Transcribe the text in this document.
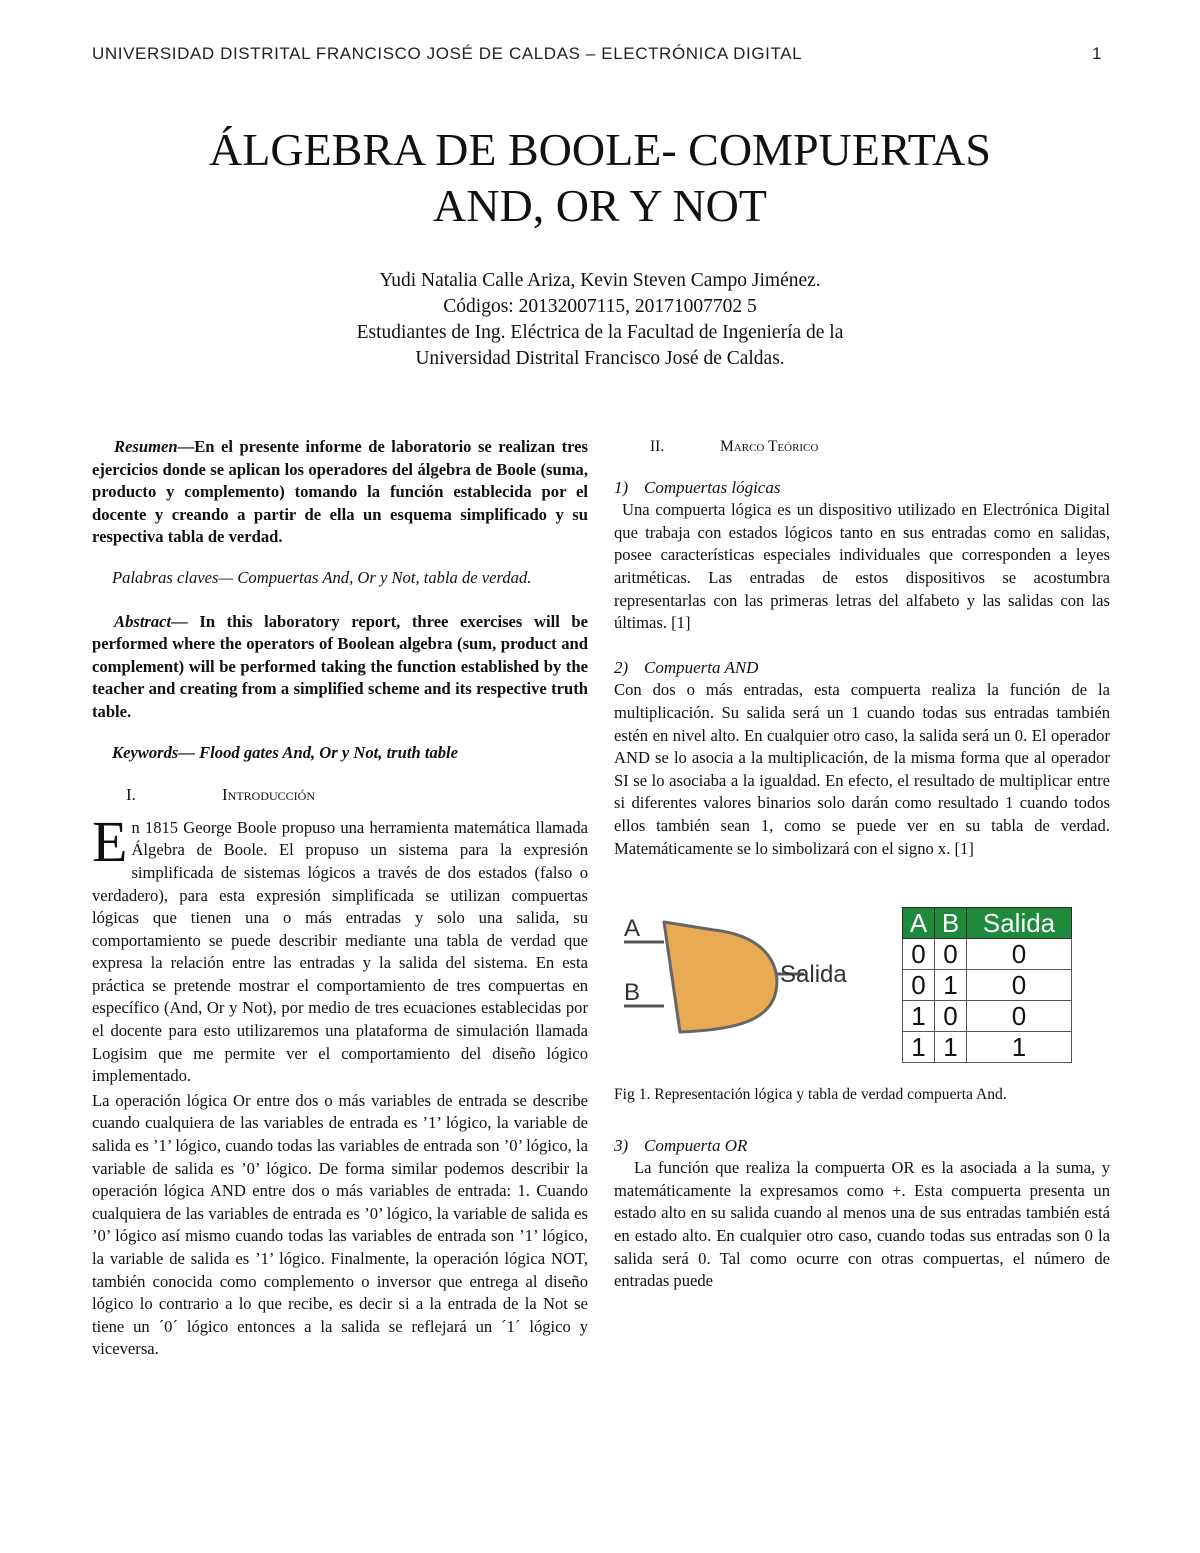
UNIVERSIDAD DISTRITAL FRANCISCO JOSÉ DE CALDAS – ELECTRÓNICA DIGITAL	1
ÁLGEBRA DE BOOLE- COMPUERTAS
AND, OR Y NOT
Yudi Natalia Calle Ariza, Kevin Steven Campo Jiménez.
Códigos: 20132007115, 20171007702 5
Estudiantes de Ing. Eléctrica de la Facultad de Ingeniería de la
Universidad Distrital Francisco José de Caldas.

Resumen—En el presente informe de laboratorio se realizan tres ejercicios donde se aplican los operadores del álgebra de Boole (suma, producto y complemento) tomando la función establecida por el docente y creando a partir de ella un esquema simplificado y su respectiva tabla de verdad.

Palabras claves— Compuertas And, Or y Not, tabla de verdad.

Abstract— In this laboratory report, three exercises will be performed where the operators of Boolean algebra (sum, product and complement) will be performed taking the function established by the teacher and creating from a simplified scheme and its respective truth table.

Keywords— Flood gates And, Or y Not, truth table

I.	Introducción

En 1815 George Boole propuso una herramienta matemática llamada Álgebra de Boole. El propuso un sistema para la expresión simplificada de sistemas lógicos a través de dos estados (falso o verdadero), para esta expresión simplificada se utilizan compuertas lógicas que tienen una o más entradas y solo una salida, su comportamiento se puede describir mediante una tabla de verdad que expresa la relación entre las entradas y la salida del sistema. En esta práctica se pretende mostrar el comportamiento de tres compuertas en específico (And, Or y Not), por medio de tres ecuaciones establecidas por el docente para esto utilizaremos una plataforma de simulación llamada Logisim que me permite ver el comportamiento del diseño lógico implementado.

La operación lógica Or entre dos o más variables de entrada se describe cuando cualquiera de las variables de entrada es ’1’ lógico, la variable de salida es ’1’ lógico, cuando todas las variables de entrada son ’0’ lógico, la variable de salida es ’0’ lógico. De forma similar podemos describir la operación lógica AND entre dos o más variables de entrada: 1. Cuando cualquiera de las variables de entrada es ’0’ lógico, la variable de salida es ’0’ lógico así mismo cuando todas las variables de entrada son ’1’ lógico, la variable de salida es ’1’ lógico. Finalmente, la operación lógica NOT, también conocida como complemento o inversor que entrega al diseño lógico lo contrario a lo que recibe, es decir si a la entrada de la Not se tiene un ´0´ lógico entonces a la salida se reflejará un ´1´ lógico y viceversa.

II.	Marco Teórico

1) Compuertas lógicas

Una compuerta lógica es un dispositivo utilizado en Electrónica Digital que trabaja con estados lógicos tanto en sus entradas como en salidas, posee características especiales individuales que corresponden a leyes aritméticas. Las entradas de estos dispositivos se acostumbra representarlas con las primeras letras del alfabeto y las salidas con las últimas. [1]

2) Compuerta AND

Con dos o más entradas, esta compuerta realiza la función de la multiplicación. Su salida será un 1 cuando todas sus entradas también estén en nivel alto. En cualquier otro caso, la salida será un 0. El operador AND se lo asocia a la multiplicación, de la misma forma que al operador SI se lo asociaba a la igualdad. En efecto, el resultado de multiplicar entre si diferentes valores binarios solo darán como resultado 1 cuando todos ellos también sean 1, como se puede ver en su tabla de verdad. Matemáticamente se lo simbolizará con el signo x. [1]

A
B
Salida
A	B	Salida
0	0	0
0	1	0
1	0	0
1	1	1

Fig 1. Representación lógica y tabla de verdad compuerta And.

3) Compuerta OR

La función que realiza la compuerta OR es la asociada a la suma, y matemáticamente la expresamos como +. Esta compuerta presenta un estado alto en su salida cuando al menos una de sus entradas también está en estado alto. En cualquier otro caso, cuando todas sus entradas son 0 la salida será 0. Tal como ocurre con otras compuertas, el número de entradas puede
